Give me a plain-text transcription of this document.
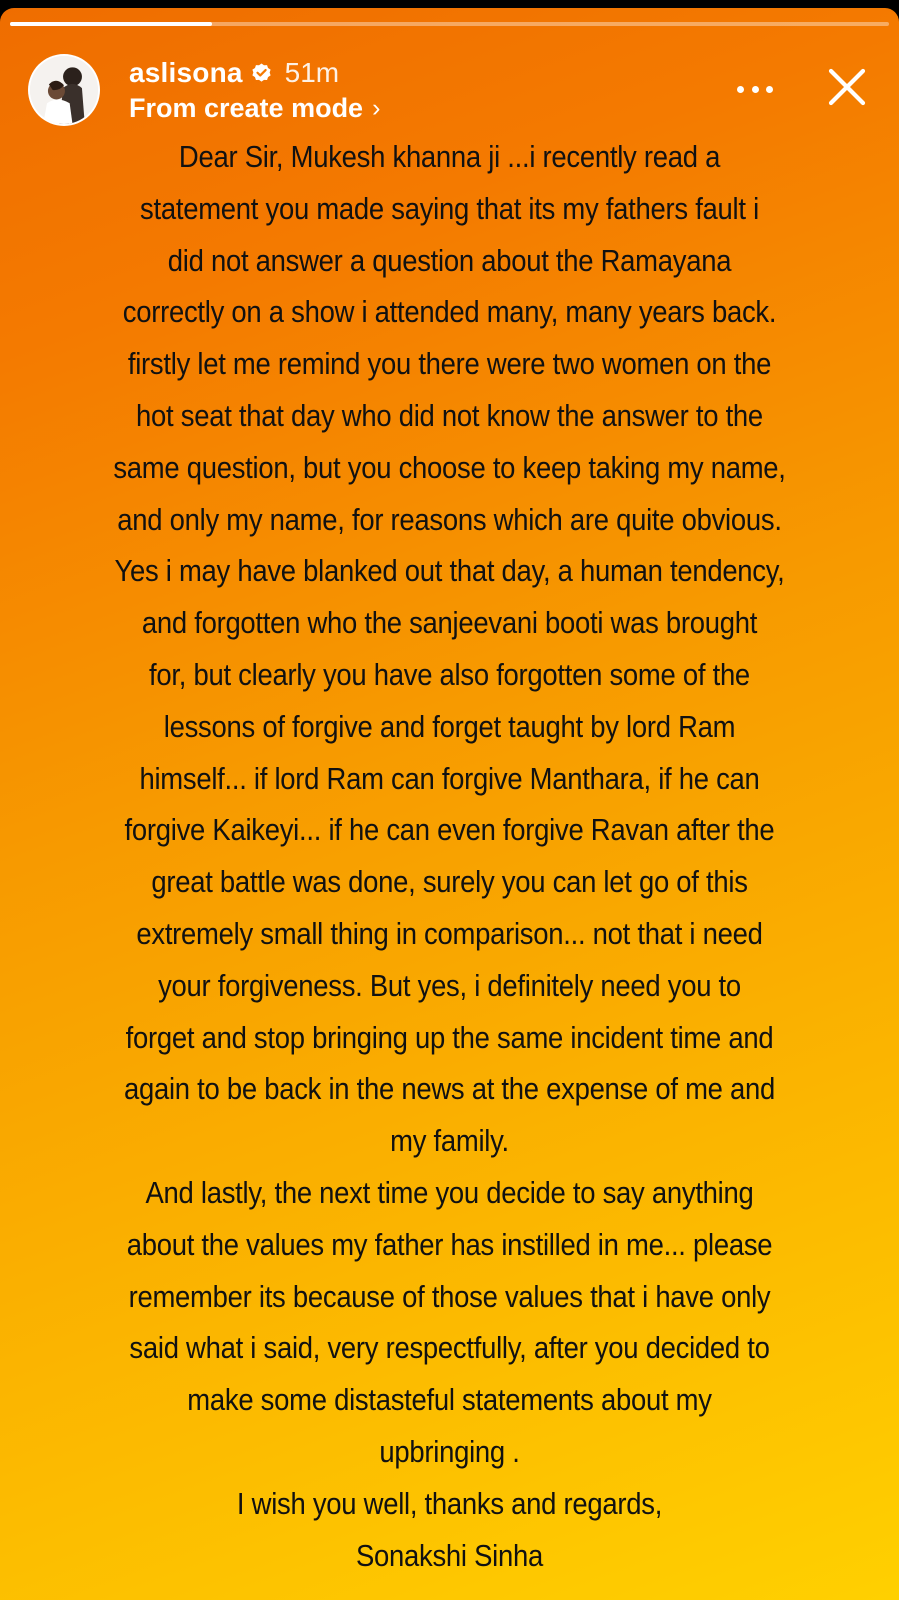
aslisona 51m
From create mode ›
Dear Sir, Mukesh khanna ji ...i recently read a
statement you made saying that its my fathers fault i
did not answer a question about the Ramayana
correctly on a show i attended many, many years back.
firstly let me remind you there were two women on the
hot seat that day who did not know the answer to the
same question, but you choose to keep taking my name,
and only my name, for reasons which are quite obvious.
Yes i may have blanked out that day, a human tendency,
and forgotten who the sanjeevani booti was brought
for, but clearly you have also forgotten some of the
lessons of forgive and forget taught by lord Ram
himself... if lord Ram can forgive Manthara, if he can
forgive Kaikeyi... if he can even forgive Ravan after the
great battle was done, surely you can let go of this
extremely small thing in comparison... not that i need
your forgiveness. But yes, i definitely need you to
forget and stop bringing up the same incident time and
again to be back in the news at the expense of me and
my family.
And lastly, the next time you decide to say anything
about the values my father has instilled in me... please
remember its because of those values that i have only
said what i said, very respectfully, after you decided to
make some distasteful statements about my
upbringing .
I wish you well, thanks and regards,
Sonakshi Sinha
